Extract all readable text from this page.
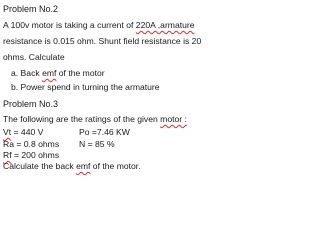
Problem No.2
A 100v motor is taking a current of 220A ,armature
resistance is 0.015 ohm. Shunt field resistance is 20
ohms. Calculate
a. Back emf of the motor
b. Power spend in turning the armature
Problem No.3
The following are the ratings of the given motor :
Vt = 440 V	Po =7.46 KW
Ra = 0.8 ohms N = 85 %
Rf = 200 ohms
Calculate the back emf of the motor.
